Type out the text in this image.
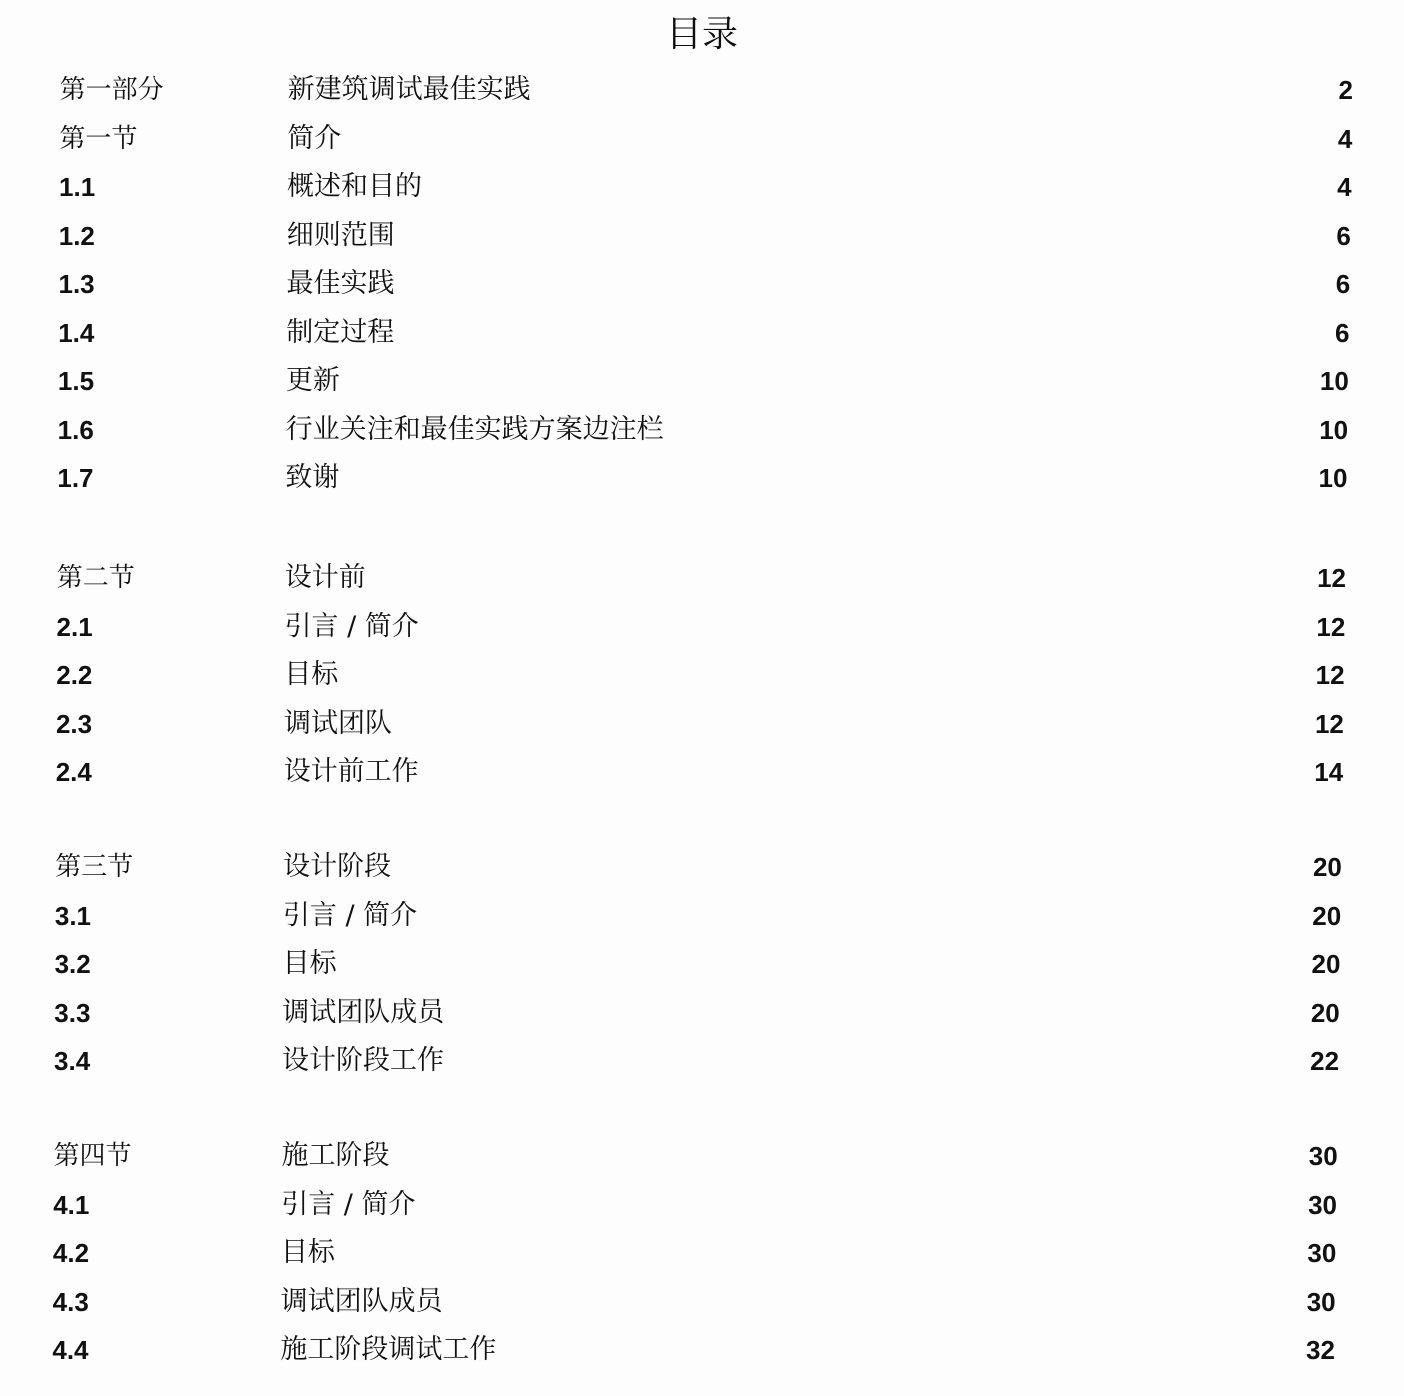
目录
第一部分	新建筑调试最佳实践	2
第一节	简介	4
1.1	概述和目的	4
1.2	细则范围	6
1.3	最佳实践	6
1.4	制定过程	6
1.5	更新	10
1.6	行业关注和最佳实践方案边注栏	10
1.7	致谢	10
第二节	设计前	12
2.1	引言 / 简介	12
2.2	目标	12
2.3	调试团队	12
2.4	设计前工作	14
第三节	设计阶段	20
3.1	引言 / 简介	20
3.2	目标	20
3.3	调试团队成员	20
3.4	设计阶段工作	22
第四节	施工阶段	30
4.1	引言 / 简介	30
4.2	目标	30
4.3	调试团队成员	30
4.4	施工阶段调试工作	32
